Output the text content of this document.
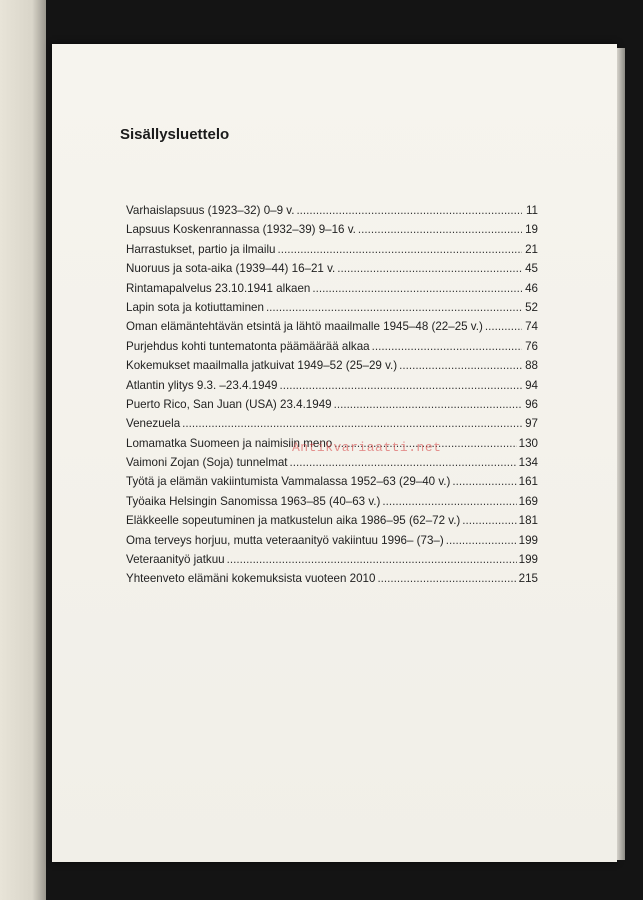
Sisällysluettelo
Varhaislapsuus (1923–32) 0–9 v. . . .	11
Lapsuus Koskenrannassa (1932–39) 9–16 v. . . .	19
Harrastukset, partio ja ilmailu . . .	21
Nuoruus ja sota-aika (1939–44) 16–21 v. . . .	45
Rintamapalvelus 23.10.1941 alkaen . . .	46
Lapin sota ja kotiuttaminen . . .	52
Oman elämäntehtävän etsintä ja lähtö maailmalle 1945–48 (22–25 v.) . . .	74
Purjehdus kohti tuntematonta päämäärää alkaa . . .	76
Kokemukset maailmalla jatkuivat 1949–52 (25–29 v.) . . .	88
Atlantin ylitys 9.3. –23.4.1949 . . .	94
Puerto Rico, San Juan (USA) 23.4.1949 . . .	96
Venezuela . . .	97
Lomamatka Suomeen ja naimisiin meno . . .	130
Vaimoni Zojan (Soja) tunnelmat . . .	134
Työtä ja elämän vakiintumista Vammalassa 1952–63 (29–40 v.) . . .	161
Työaika Helsingin Sanomissa 1963–85 (40–63 v.) . . .	169
Eläkkeelle sopeutuminen ja matkustelun aika 1986–95 (62–72 v.) . . .	181
Oma terveys horjuu, mutta veteraanityö vakiintuu 1996– (73–) . . .	199
Veteraanityö jatkuu . . .	199
Yhteenveto elämäni kokemuksista vuoteen 2010 . . .	215
Antikvariaatti.net
